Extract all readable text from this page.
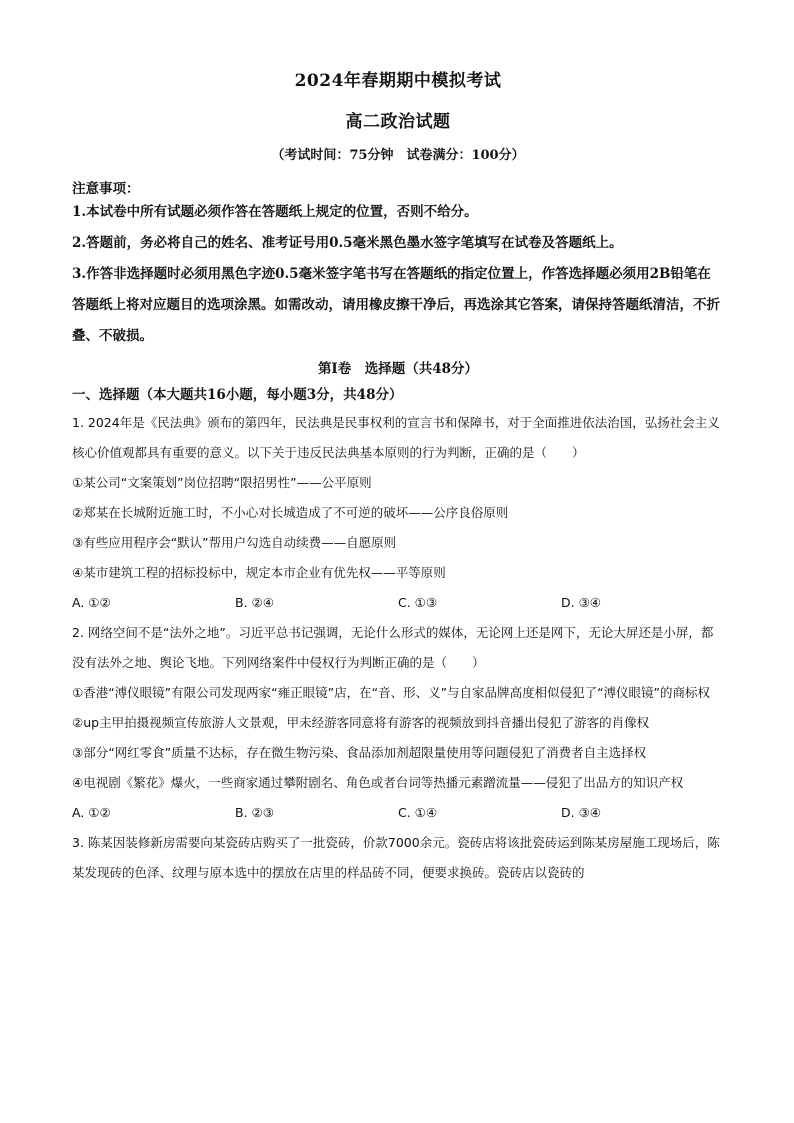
2024年春期期中模拟考试
高二政治试题
（考试时间：75分钟　试卷满分：100分）
注意事项：
1.本试卷中所有试题必须作答在答题纸上规定的位置，否则不给分。
2.答题前，务必将自己的姓名、准考证号用0.5毫米黑色墨水签字笔填写在试卷及答题纸上。
3.作答非选择题时必须用黑色字迹0.5毫米签字笔书写在答题纸的指定位置上，作答选择题必须用2B铅笔在答题纸上将对应题目的选项涂黑。如需改动，请用橡皮擦干净后，再选涂其它答案，请保持答题纸清洁，不折叠、不破损。
第Ⅰ卷　选择题（共48分）
一、选择题（本大题共16小题，每小题3分，共48分）

1. 2024年是《民法典》颁布的第四年，民法典是民事权利的宣言书和保障书，对于全面推进依法治国，弘扬社会主义核心价值观都具有重要的意义。以下关于违反民法典基本原则的行为判断，正确的是（　　）

①某公司“文案策划”岗位招聘“限招男性”——公平原则

②郑某在长城附近施工时，不小心对长城造成了不可逆的破坏——公序良俗原则

③有些应用程序会“默认”帮用户勾选自动续费——自愿原则

④某市建筑工程的招标投标中，规定本市企业有优先权——平等原则

A. ①②	B. ②④	C. ①③	D. ③④

2. 网络空间不是“法外之地”。习近平总书记强调，无论什么形式的媒体，无论网上还是网下，无论大屏还是小屏，都没有法外之地、舆论飞地。下列网络案件中侵权行为判断正确的是（　　）

①香港“溥仪眼镜”有限公司发现两家“雍正眼镜”店，在“音、形、义”与自家品牌高度相似侵犯了“溥仪眼镜”的商标权

②up主甲拍摄视频宣传旅游人文景观，甲未经游客同意将有游客的视频放到抖音播出侵犯了游客的肖像权

③部分“网红零食”质量不达标，存在微生物污染、食品添加剂超限量使用等问题侵犯了消费者自主选择权

④电视剧《繁花》爆火，一些商家通过攀附剧名、角色或者台词等热播元素蹭流量——侵犯了出品方的知识产权

A. ①②	B. ②③	C. ①④	D. ③④

3. 陈某因装修新房需要向某瓷砖店购买了一批瓷砖，价款7000余元。瓷砖店将该批瓷砖运到陈某房屋施工现场后，陈某发现砖的色泽、纹理与原本选中的摆放在店里的样品砖不同，便要求换砖。瓷砖店以瓷砖的
